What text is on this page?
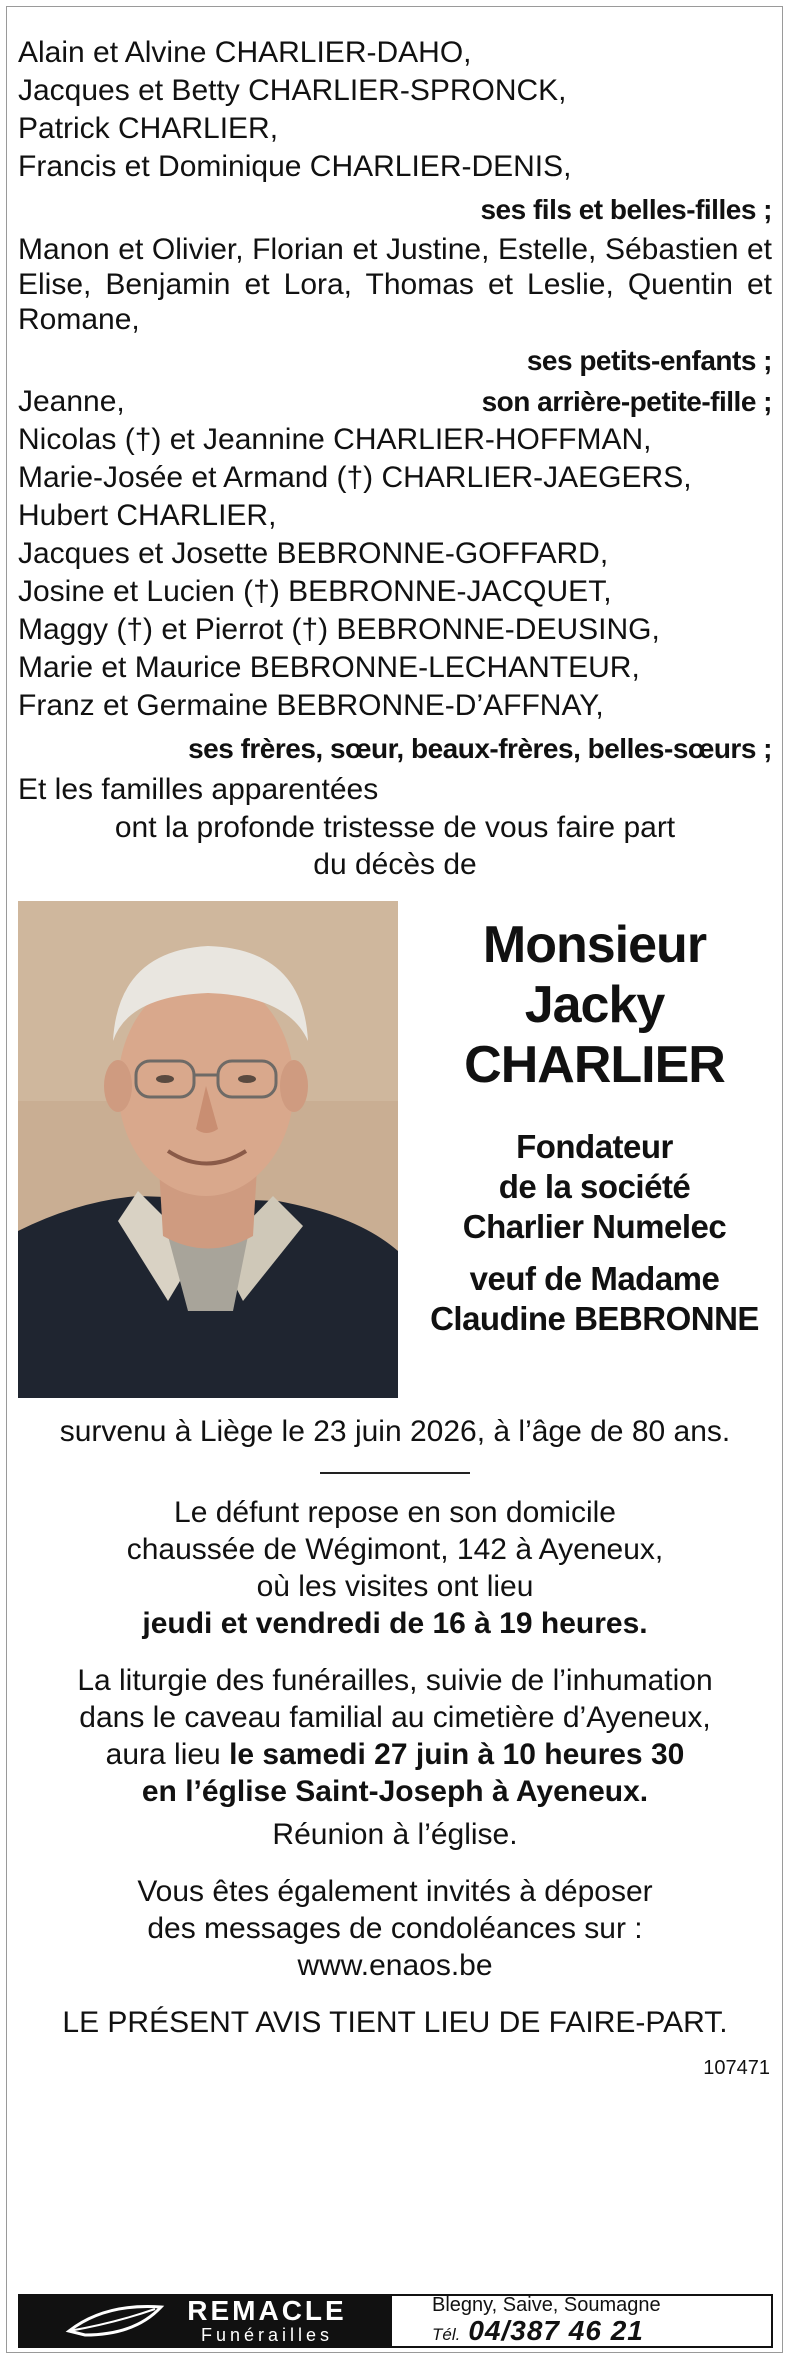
Alain et Alvine CHARLIER-DAHO,

Jacques et Betty CHARLIER-SPRONCK,

Patrick CHARLIER,

Francis et Dominique CHARLIER-DENIS,

ses fils et belles-filles ;

Manon et Olivier, Florian et Justine, Estelle, Sébastien et Elise, Benjamin et Lora, Thomas et Leslie, Quentin et Romane,

ses petits-enfants ;

Jeanne,	son arrière-petite-fille ;

Nicolas (†) et Jeannine CHARLIER-HOFFMAN,

Marie-Josée et Armand (†) CHARLIER-JAEGERS,

Hubert CHARLIER,

Jacques et Josette BEBRONNE-GOFFARD,

Josine et Lucien (†) BEBRONNE-JACQUET,

Maggy (†) et Pierrot (†) BEBRONNE-DEUSING,

Marie et Maurice BEBRONNE-LECHANTEUR,

Franz et Germaine BEBRONNE-D’AFFNAY,

ses frères, sœur, beaux-frères, belles-sœurs ;

Et les familles apparentées

ont la profonde tristesse de vous faire part

du décès de

Monsieur

Jacky

CHARLIER

Fondateur

de la société

Charlier Numelec

veuf de Madame

Claudine BEBRONNE

survenu à Liège le 23 juin 2026, à l’âge de 80 ans.

Le défunt repose en son domicile

chaussée de Wégimont, 142 à Ayeneux,

où les visites ont lieu

jeudi et vendredi de 16 à 19 heures.

La liturgie des funérailles, suivie de l’inhumation

dans le caveau familial au cimetière d’Ayeneux,

aura lieu le samedi 27 juin à 10 heures 30

en l’église Saint-Joseph à Ayeneux.

Réunion à l’église.

Vous êtes également invités à déposer

des messages de condoléances sur :

www.enaos.be

LE PRÉSENT AVIS TIENT LIEU DE FAIRE-PART.

107471
REMACLE
Funérailles
Blegny, Saive, Soumagne
Tél. 04/387 46 21
